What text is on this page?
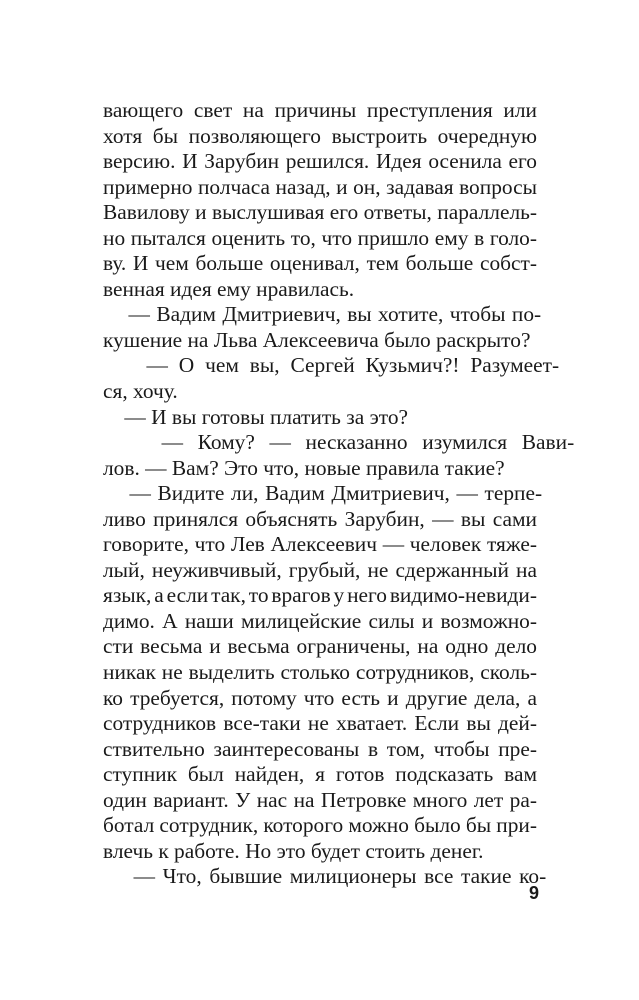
вающего свет на причины преступления или
хотя бы позволяющего выстроить очередную
версию. И Зарубин решился. Идея осенила его
примерно полчаса назад, и он, задавая вопросы
Вавилову и выслушивая его ответы, параллель-
но пытался оценить то, что пришло ему в голо-
ву. И чем больше оценивал, тем больше собст-
венная идея ему нравилась.
— Вадим Дмитриевич, вы хотите, чтобы по-
кушение на Льва Алексеевича было раскрыто?
— О чем вы, Сергей Кузьмич?! Разумеет-
ся, хочу.
— И вы готовы платить за это?
— Кому? — несказанно изумился Вави-
лов. — Вам? Это что, новые правила такие?
— Видите ли, Вадим Дмитриевич, — терпе-
ливо принялся объяснять Зарубин, — вы сами
говорите, что Лев Алексеевич — человек тяже-
лый, неуживчивый, грубый, не сдержанный на
язык, а если так, то врагов у него видимо-невиди-
димо. А наши милицейские силы и возможно-
сти весьма и весьма ограничены, на одно дело
никак не выделить столько сотрудников, сколь-
ко требуется, потому что есть и другие дела, а
сотрудников все-таки не хватает. Если вы дей-
ствительно заинтересованы в том, чтобы пре-
ступник был найден, я готов подсказать вам
один вариант. У нас на Петровке много лет ра-
ботал сотрудник, которого можно было бы при-
влечь к работе. Но это будет стоить денег.
— Что, бывшие милиционеры все такие ко-
9
